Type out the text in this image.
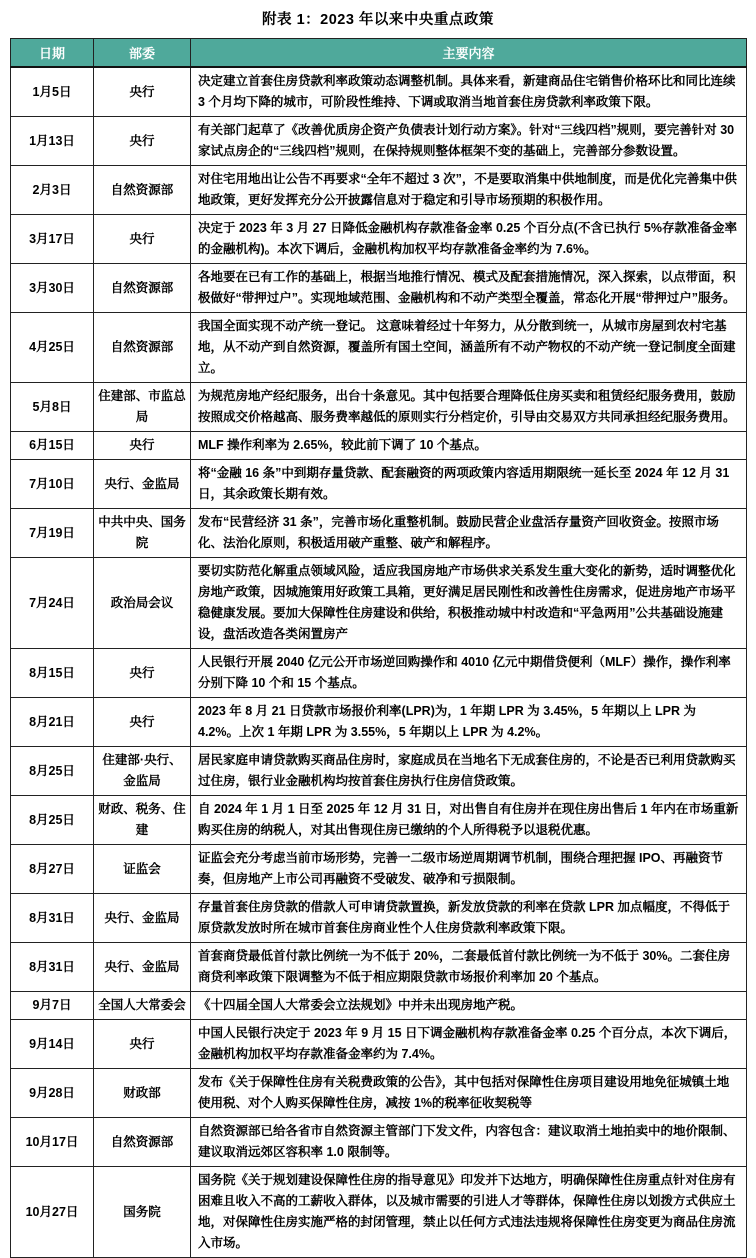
附表 1：2023 年以来中央重点政策
日期	部委	主要内容
1月5日	央行	决定建立首套住房贷款利率政策动态调整机制。具体来看，新建商品住宅销售价格环比和同比连续 3 个月均下降的城市，可阶段性维持、下调或取消当地首套住房贷款利率政策下限。
1月13日	央行	有关部门起草了《改善优质房企资产负债表计划行动方案》。针对“三线四档”规则，要完善针对 30 家试点房企的“三线四档”规则，在保持规则整体框架不变的基础上，完善部分参数设置。
2月3日	自然资源部	对住宅用地出让公告不再要求“全年不超过 3 次”，不是要取消集中供地制度，而是优化完善集中供地政策，更好发挥充分公开披露信息对于稳定和引导市场预期的积极作用。
3月17日	央行	决定于 2023 年 3 月 27 日降低金融机构存款准备金率 0.25 个百分点(不含已执行 5%存款准备金率的金融机构)。本次下调后，金融机构加权平均存款准备金率约为 7.6%。
3月30日	自然资源部	各地要在已有工作的基础上，根据当地推行情况、模式及配套措施情况，深入探索，以点带面，积极做好“带押过户”。实现地域范围、金融机构和不动产类型全覆盖，常态化开展“带押过户”服务。
4月25日	自然资源部	我国全面实现不动产统一登记。 这意味着经过十年努力，从分散到统一，从城市房屋到农村宅基地，从不动产到自然资源，覆盖所有国土空间，涵盖所有不动产物权的不动产统一登记制度全面建立。
5月8日	住建部、市监总局	为规范房地产经纪服务，出台十条意见。其中包括要合理降低住房买卖和租赁经纪服务费用，鼓励按照成交价格越高、服务费率越低的原则实行分档定价，引导由交易双方共同承担经纪服务费用。
6月15日	央行	MLF 操作利率为 2.65%，较此前下调了 10 个基点。
7月10日	央行、金监局	将“金融 16 条”中到期存量贷款、配套融资的两项政策内容适用期限统一延长至 2024 年 12 月 31 日，其余政策长期有效。
7月19日	中共中央、国务院	发布“民营经济 31 条”，完善市场化重整机制。鼓励民营企业盘活存量资产回收资金。按照市场化、法治化原则，积极适用破产重整、破产和解程序。
7月24日	政治局会议	要切实防范化解重点领域风险，适应我国房地产市场供求关系发生重大变化的新势，适时调整优化房地产政策，因城施策用好政策工具箱，更好满足居民刚性和改善性住房需求，促进房地产市场平稳健康发展。要加大保障性住房建设和供给，积极推动城中村改造和“平急两用”公共基础设施建设，盘活改造各类闲置房产
8月15日	央行	人民银行开展 2040 亿元公开市场逆回购操作和 4010 亿元中期借贷便利（MLF）操作，操作利率分别下降 10 个和 15 个基点。
8月21日	央行	2023 年 8 月 21 日贷款市场报价利率(LPR)为，1 年期 LPR 为 3.45%，5 年期以上 LPR 为 4.2%。上次 1 年期 LPR 为 3.55%，5 年期以上 LPR 为 4.2%。
8月25日	住建部·央行、金监局	居民家庭申请贷款购买商品住房时，家庭成员在当地名下无成套住房的，不论是否已利用贷款购买过住房，银行业金融机构均按首套住房执行住房信贷政策。
8月25日	财政、税务、住建	自 2024 年 1 月 1 日至 2025 年 12 月 31 日，对出售自有住房并在现住房出售后 1 年内在市场重新购买住房的纳税人，对其出售现住房已缴纳的个人所得税予以退税优惠。
8月27日	证监会	证监会充分考虑当前市场形势，完善一二级市场逆周期调节机制，围绕合理把握 IPO、再融资节奏，但房地产上市公司再融资不受破发、破净和亏损限制。
8月31日	央行、金监局	存量首套住房贷款的借款人可申请贷款置换，新发放贷款的利率在贷款 LPR 加点幅度，不得低于原贷款发放时所在城市首套住房商业性个人住房贷款利率政策下限。
8月31日	央行、金监局	首套商贷最低首付款比例统一为不低于 20%，二套最低首付款比例统一为不低于 30%。二套住房商贷利率政策下限调整为不低于相应期限贷款市场报价利率加 20 个基点。
9月7日	全国人大常委会	《十四届全国人大常委会立法规划》中并未出现房地产税。
9月14日	央行	中国人民银行决定于 2023 年 9 月 15 日下调金融机构存款准备金率 0.25 个百分点，本次下调后，金融机构加权平均存款准备金率约为 7.4%。
9月28日	财政部	发布《关于保障性住房有关税费政策的公告》，其中包括对保障性住房项目建设用地免征城镇土地使用税、对个人购买保障性住房，减按 1%的税率征收契税等
10月17日	自然资源部	自然资源部已给各省市自然资源主管部门下发文件，内容包含：建议取消土地拍卖中的地价限制、建议取消远郊区容积率 1.0 限制等。
10月27日	国务院	国务院《关于规划建设保障性住房的指导意见》印发并下达地方，明确保障性住房重点针对住房有困难且收入不高的工薪收入群体，以及城市需要的引进人才等群体，保障性住房以划拨方式供应土地，对保障性住房实施严格的封闭管理，禁止以任何方式违法违规将保障性住房变更为商品住房流入市场。
